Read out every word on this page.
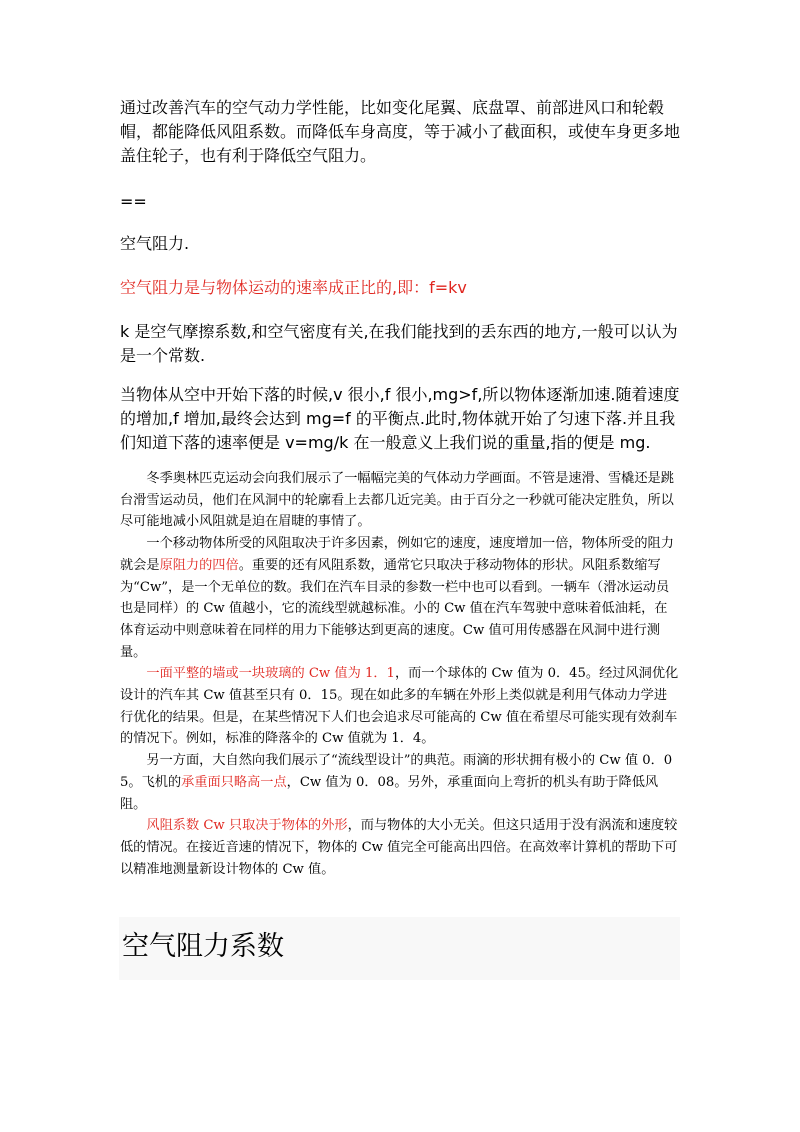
通过改善汽车的空气动力学性能，比如变化尾翼、底盘罩、前部进风口和轮毂帽，都能降低风阻系数。而降低车身高度，等于减小了截面积，或使车身更多地盖住轮子，也有利于降低空气阻力。

==

空气阻力.

空气阻力是与物体运动的速率成正比的,即：f=kv

k 是空气摩擦系数,和空气密度有关,在我们能找到的丢东西的地方,一般可以认为是一个常数.

当物体从空中开始下落的时候,v 很小,f 很小,mg>f,所以物体逐渐加速.随着速度的增加,f 增加,最终会达到 mg=f 的平衡点.此时,物体就开始了匀速下落.并且我们知道下落的速率便是 v=mg/k 在一般意义上我们说的重量,指的便是 mg.

冬季奥林匹克运动会向我们展示了一幅幅完美的气体动力学画面。不管是速滑、雪橇还是跳台滑雪运动员，他们在风洞中的轮廓看上去都几近完美。由于百分之一秒就可能决定胜负，所以尽可能地减小风阻就是迫在眉睫的事情了。

一个移动物体所受的风阻取决于许多因素，例如它的速度，速度增加一倍，物体所受的阻力就会是原阻力的四倍。重要的还有风阻系数，通常它只取决于移动物体的形状。风阻系数缩写为“Cw”，是一个无单位的数。我们在汽车目录的参数一栏中也可以看到。一辆车（滑冰运动员也是同样）的 Cw 值越小，它的流线型就越标准。小的 Cw 值在汽车驾驶中意味着低油耗，在体育运动中则意味着在同样的用力下能够达到更高的速度。Cw 值可用传感器在风洞中进行测量。

一面平整的墙或一块玻璃的 Cw 值为 1．1，而一个球体的 Cw 值为 0．45。经过风洞优化设计的汽车其 Cw 值甚至只有 0．15。现在如此多的车辆在外形上类似就是利用气体动力学进行优化的结果。但是，在某些情况下人们也会追求尽可能高的 Cw 值在希望尽可能实现有效刹车的情况下。例如，标准的降落伞的 Cw 值就为 1．4。

另一方面，大自然向我们展示了“流线型设计”的典范。雨滴的形状拥有极小的 Cw 值 0．05。飞机的承重面只略高一点，Cw 值为 0．08。另外，承重面向上弯折的机头有助于降低风阻。

风阻系数 Cw 只取决于物体的外形，而与物体的大小无关。但这只适用于没有涡流和速度较低的情况。在接近音速的情况下，物体的 Cw 值完全可能高出四倍。在高效率计算机的帮助下可以精准地测量新设计物体的 Cw 值。

空气阻力系数
